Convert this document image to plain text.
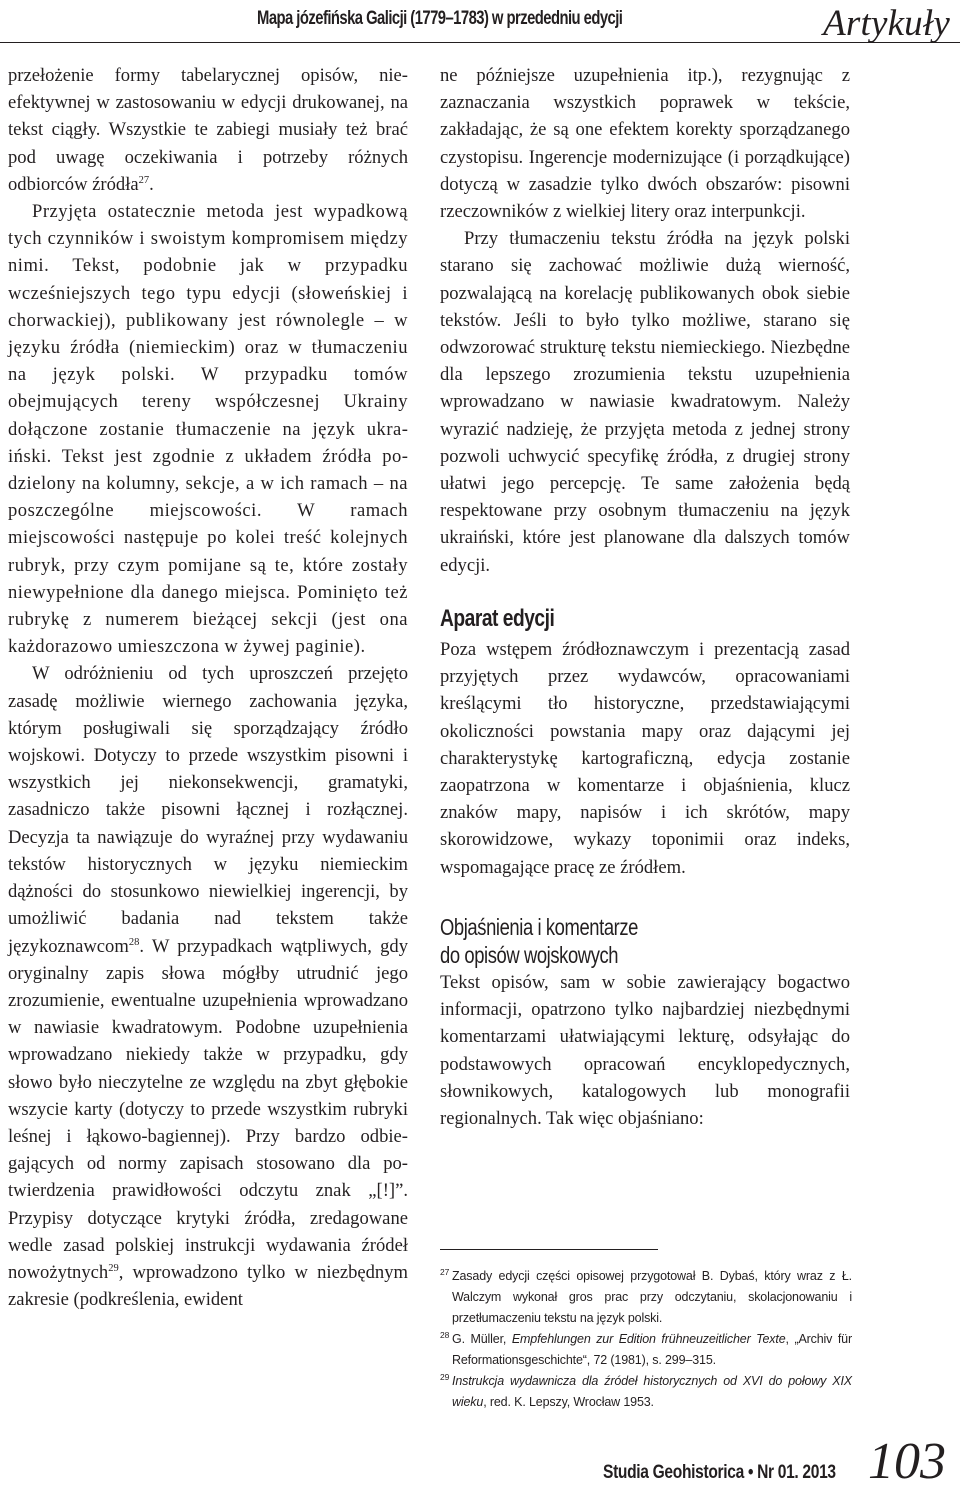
Mapa józefińska Galicji (1779–1783) w przededniu edycji	Artykuły

przełożenie formy tabelarycznej opisów, nieefektywnej w zastosowaniu w edycji drukowanej, na tekst ciągły. Wszystkie te zabiegi musiały też brać pod uwagę oczekiwania i potrzeby różnych odbiorców źródła$^{27}$.

Przyjęta ostatecznie metoda jest wypadkową tych czynników i swoistym kompromisem między nimi. Tekst, podobnie jak w przypadku wcześniejszych tego typu edycji (słoweńskiej i chorwackiej), publikowany jest równolegle – w języku źródła (niemieckim) oraz w tłumaczeniu na język polski. W przypadku tomów obejmujących tereny współczesnej Ukrainy dołączone zostanie tłumaczenie na język ukraiński. Tekst jest zgodnie z układem źródła podzielony na kolumny, sekcje, a w ich ramach – na poszczególne miejscowości. W ramach miejscowości następuje po kolei treść kolejnych rubryk, przy czym pomijane są te, które zostały niewypełnione dla danego miejsca. Pominięto też rubrykę z numerem bieżącej sekcji (jest ona każdorazowo umieszczona w żywej paginie).

W odróżnieniu od tych uproszczeń przejęto zasadę możliwie wiernego zachowania języka, którym posługiwali się sporządzający źródło wojskowi. Dotyczy to przede wszystkim pisowni i wszystkich jej niekonsekwencji, gramatyki, zasadniczo także pisowni łącznej i rozłącznej. Decyzja ta nawiązuje do wyraźnej przy wydawaniu tekstów historycznych w języku niemieckim dążności do stosunkowo niewielkiej ingerencji, by umożliwić badania nad tekstem także językoznawcom$^{28}$. W przypadkach wątpliwych, gdy oryginalny zapis słowa mógłby utrudnić jego zrozumienie, ewentualne uzupełnienia wprowadzano w nawiasie kwadratowym. Podobne uzupełnienia wprowadzano niekiedy także w przypadku, gdy słowo było nieczytelne ze względu na zbyt głębokie wszycie karty (dotyczy to przede wszystkim rubryki leśnej i łąkowo-bagiennej). Przy bardzo odbiegających od normy zapisach stosowano dla potwierdzenia prawidłowości odczytu znak „[!]”. Przypisy dotyczące krytyki źródła, zredagowane wedle zasad polskiej instrukcji wydawania źródeł nowożytnych$^{29}$, wprowadzono tylko w niezbędnym zakresie (podkreślenia, ewident

ne późniejsze uzupełnienia itp.), rezygnując z zaznaczania wszystkich poprawek w tekście, zakładając, że są one efektem korekty sporządzanego czystopisu. Ingerencje modernizujące (i porządkujące) dotyczą w zasadzie tylko dwóch obszarów: pisowni rzeczowników z wielkiej litery oraz interpunkcji.

Przy tłumaczeniu tekstu źródła na język polski starano się zachować możliwie dużą wierność, pozwalającą na korelację publikowanych obok siebie tekstów. Jeśli to było tylko możliwe, starano się odwzorować strukturę tekstu niemieckiego. Niezbędne dla lepszego zrozumienia tekstu uzupełnienia wprowadzano w nawiasie kwadratowym. Należy wyrazić nadzieję, że przyjęta metoda z jednej strony pozwoli uchwycić specyfikę źródła, z drugiej strony ułatwi jego percepcję. Te same założenia będą respektowane przy osobnym tłumaczeniu na język ukraiński, które jest planowane dla dalszych tomów edycji.

Aparat edycji

Poza wstępem źródłoznawczym i prezentacją zasad przyjętych przez wydawców, opracowaniami kreślącymi tło historyczne, przedstawiającymi okoliczności powstania mapy oraz dającymi jej charakterystykę kartograficzną, edycja zostanie zaopatrzona w komentarze i objaśnienia, klucz znaków mapy, napisów i ich skrótów, mapy skorowidzowe, wykazy toponimii oraz indeks, wspomagające pracę ze źródłem.

Objaśnienia i komentarze
do opisów wojskowych

Tekst opisów, sam w sobie zawierający bogactwo informacji, opatrzono tylko najbardziej niezbędnymi komentarzami ułatwiającymi lekturę, odsyłając do podstawowych opracowań encyklopedycznych, słownikowych, katalogowych lub monografii regionalnych. Tak więc objaśniano:

27 Zasady edycji części opisowej przygotował B. Dybaś, który wraz z Ł. Walczym wykonał gros prac przy odczytaniu, skolacjonowaniu i przetłumaczeniu tekstu na język polski.
28 G. Müller, Empfehlungen zur Edition frühneuzeitlicher Texte, „Archiv für Reformationsgeschichte“, 72 (1981), s. 299–315.
29 Instrukcja wydawnicza dla źródeł historycznych od XVI do połowy XIX wieku, red. K. Lepszy, Wrocław 1953.
Studia Geohistorica • Nr 01. 2013 103
